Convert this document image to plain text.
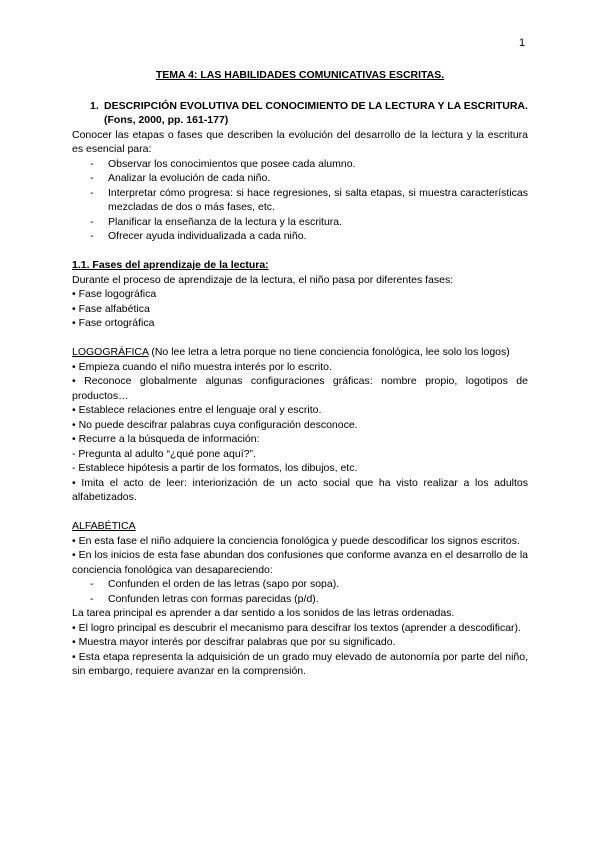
1
TEMA 4: LAS HABILIDADES COMUNICATIVAS ESCRITAS.
1. DESCRIPCIÓN EVOLUTIVA DEL CONOCIMIENTO DE LA LECTURA Y LA ESCRITURA. (Fons, 2000, pp. 161-177)

Conocer las etapas o fases que describen la evolución del desarrollo de la lectura y la escritura es esencial para:

-	Observar los conocimientos que posee cada alumno.
-	Analizar la evolución de cada niño.
-	Interpretar cómo progresa: si hace regresiones, si salta etapas, si muestra características mezcladas de dos o más fases, etc.
-	Planificar la enseñanza de la lectura y la escritura.
-	Ofrecer ayuda individualizada a cada niño.
1.1. Fases del aprendizaje de la lectura:

Durante el proceso de aprendizaje de la lectura, el niño pasa por diferentes fases:

• Fase logográfica

• Fase alfabética

• Fase ortográfica

LOGOGRÁFICA (No lee letra a letra porque no tiene conciencia fonológica, lee solo los logos)

• Empieza cuando el niño muestra interés por lo escrito.

• Reconoce globalmente algunas configuraciones gráficas: nombre propio, logotipos de productos…

• Establece relaciones entre el lenguaje oral y escrito.

• No puede descifrar palabras cuya configuración desconoce.

• Recurre a la búsqueda de información:

- Pregunta al adulto “¿qué pone aquí?”.

- Establece hipótesis a partir de los formatos, los dibujos, etc.

• Imita el acto de leer: interiorización de un acto social que ha visto realizar a los adultos alfabetizados.

ALFABÉTICA

• En esta fase el niño adquiere la conciencia fonológica y puede descodificar los signos escritos.

• En los inicios de esta fase abundan dos confusiones que conforme avanza en el desarrollo de la conciencia fonológica van desapareciendo:

-	Confunden el orden de las letras (sapo por sopa).
-	Confunden letras con formas parecidas (p/d).

La tarea principal es aprender a dar sentido a los sonidos de las letras ordenadas.

• El logro principal es descubrir el mecanismo para descifrar los textos (aprender a descodificar).

• Muestra mayor interés por descifrar palabras que por su significado.

• Esta etapa representa la adquisición de un grado muy elevado de autonomía por parte del niño, sin embargo, requiere avanzar en la comprensión.
